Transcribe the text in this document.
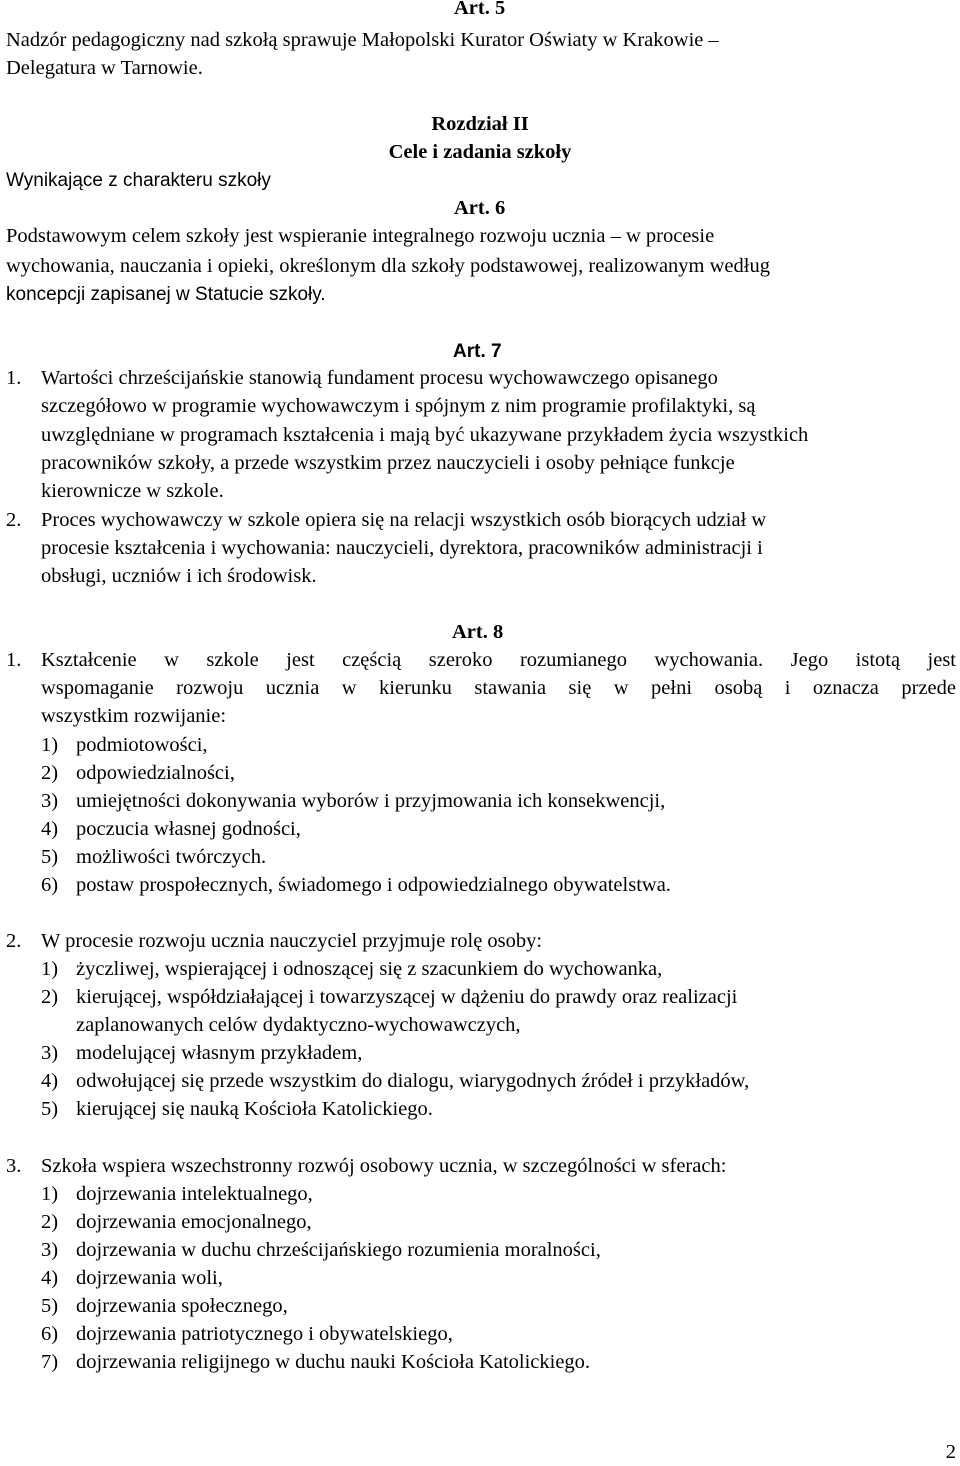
Art. 5
Nadzór pedagogiczny nad szkołą sprawuje Małopolski Kurator Oświaty w Krakowie –
Delegatura w Tarnowie.
Rozdział II
Cele i zadania szkoły
Wynikające z charakteru szkoły
Art. 6
Podstawowym celem szkoły jest wspieranie integralnego rozwoju ucznia – w procesie
wychowania, nauczania i opieki, określonym dla szkoły podstawowej, realizowanym według
koncepcji zapisanej w Statucie szkoły.
Art. 7
1. Wartości chrześcijańskie stanowią fundament procesu wychowawczego opisanego
szczegółowo w programie wychowawczym i spójnym z nim programie profilaktyki, są
uwzględniane w programach kształcenia i mają być ukazywane przykładem życia wszystkich
pracowników szkoły, a przede wszystkim przez nauczycieli i osoby pełniące funkcje
kierownicze w szkole.
2. Proces wychowawczy w szkole opiera się na relacji wszystkich osób biorących udział w
procesie kształcenia i wychowania: nauczycieli, dyrektora, pracowników administracji i
obsługi, uczniów i ich środowisk.
Art. 8
1. Kształcenie w szkole jest częścią szeroko rozumianego wychowania. Jego istotą jest
wspomaganie rozwoju ucznia w kierunku stawania się w pełni osobą i oznacza przede
wszystkim rozwijanie:
1) podmiotowości,
2) odpowiedzialności,
3) umiejętności dokonywania wyborów i przyjmowania ich konsekwencji,
4) poczucia własnej godności,
5) możliwości twórczych.
6) postaw prospołecznych, świadomego i odpowiedzialnego obywatelstwa.
2. W procesie rozwoju ucznia nauczyciel przyjmuje rolę osoby:
1) życzliwej, wspierającej i odnoszącej się z szacunkiem do wychowanka,
2) kierującej, współdziałającej i towarzyszącej w dążeniu do prawdy oraz realizacji
zaplanowanych celów dydaktyczno-wychowawczych,
3) modelującej własnym przykładem,
4) odwołującej się przede wszystkim do dialogu, wiarygodnych źródeł i przykładów,
5) kierującej się nauką Kościoła Katolickiego.
3. Szkoła wspiera wszechstronny rozwój osobowy ucznia, w szczególności w sferach:
1) dojrzewania intelektualnego,
2) dojrzewania emocjonalnego,
3) dojrzewania w duchu chrześcijańskiego rozumienia moralności,
4) dojrzewania woli,
5) dojrzewania społecznego,
6) dojrzewania patriotycznego i obywatelskiego,
7) dojrzewania religijnego w duchu nauki Kościoła Katolickiego.
2
